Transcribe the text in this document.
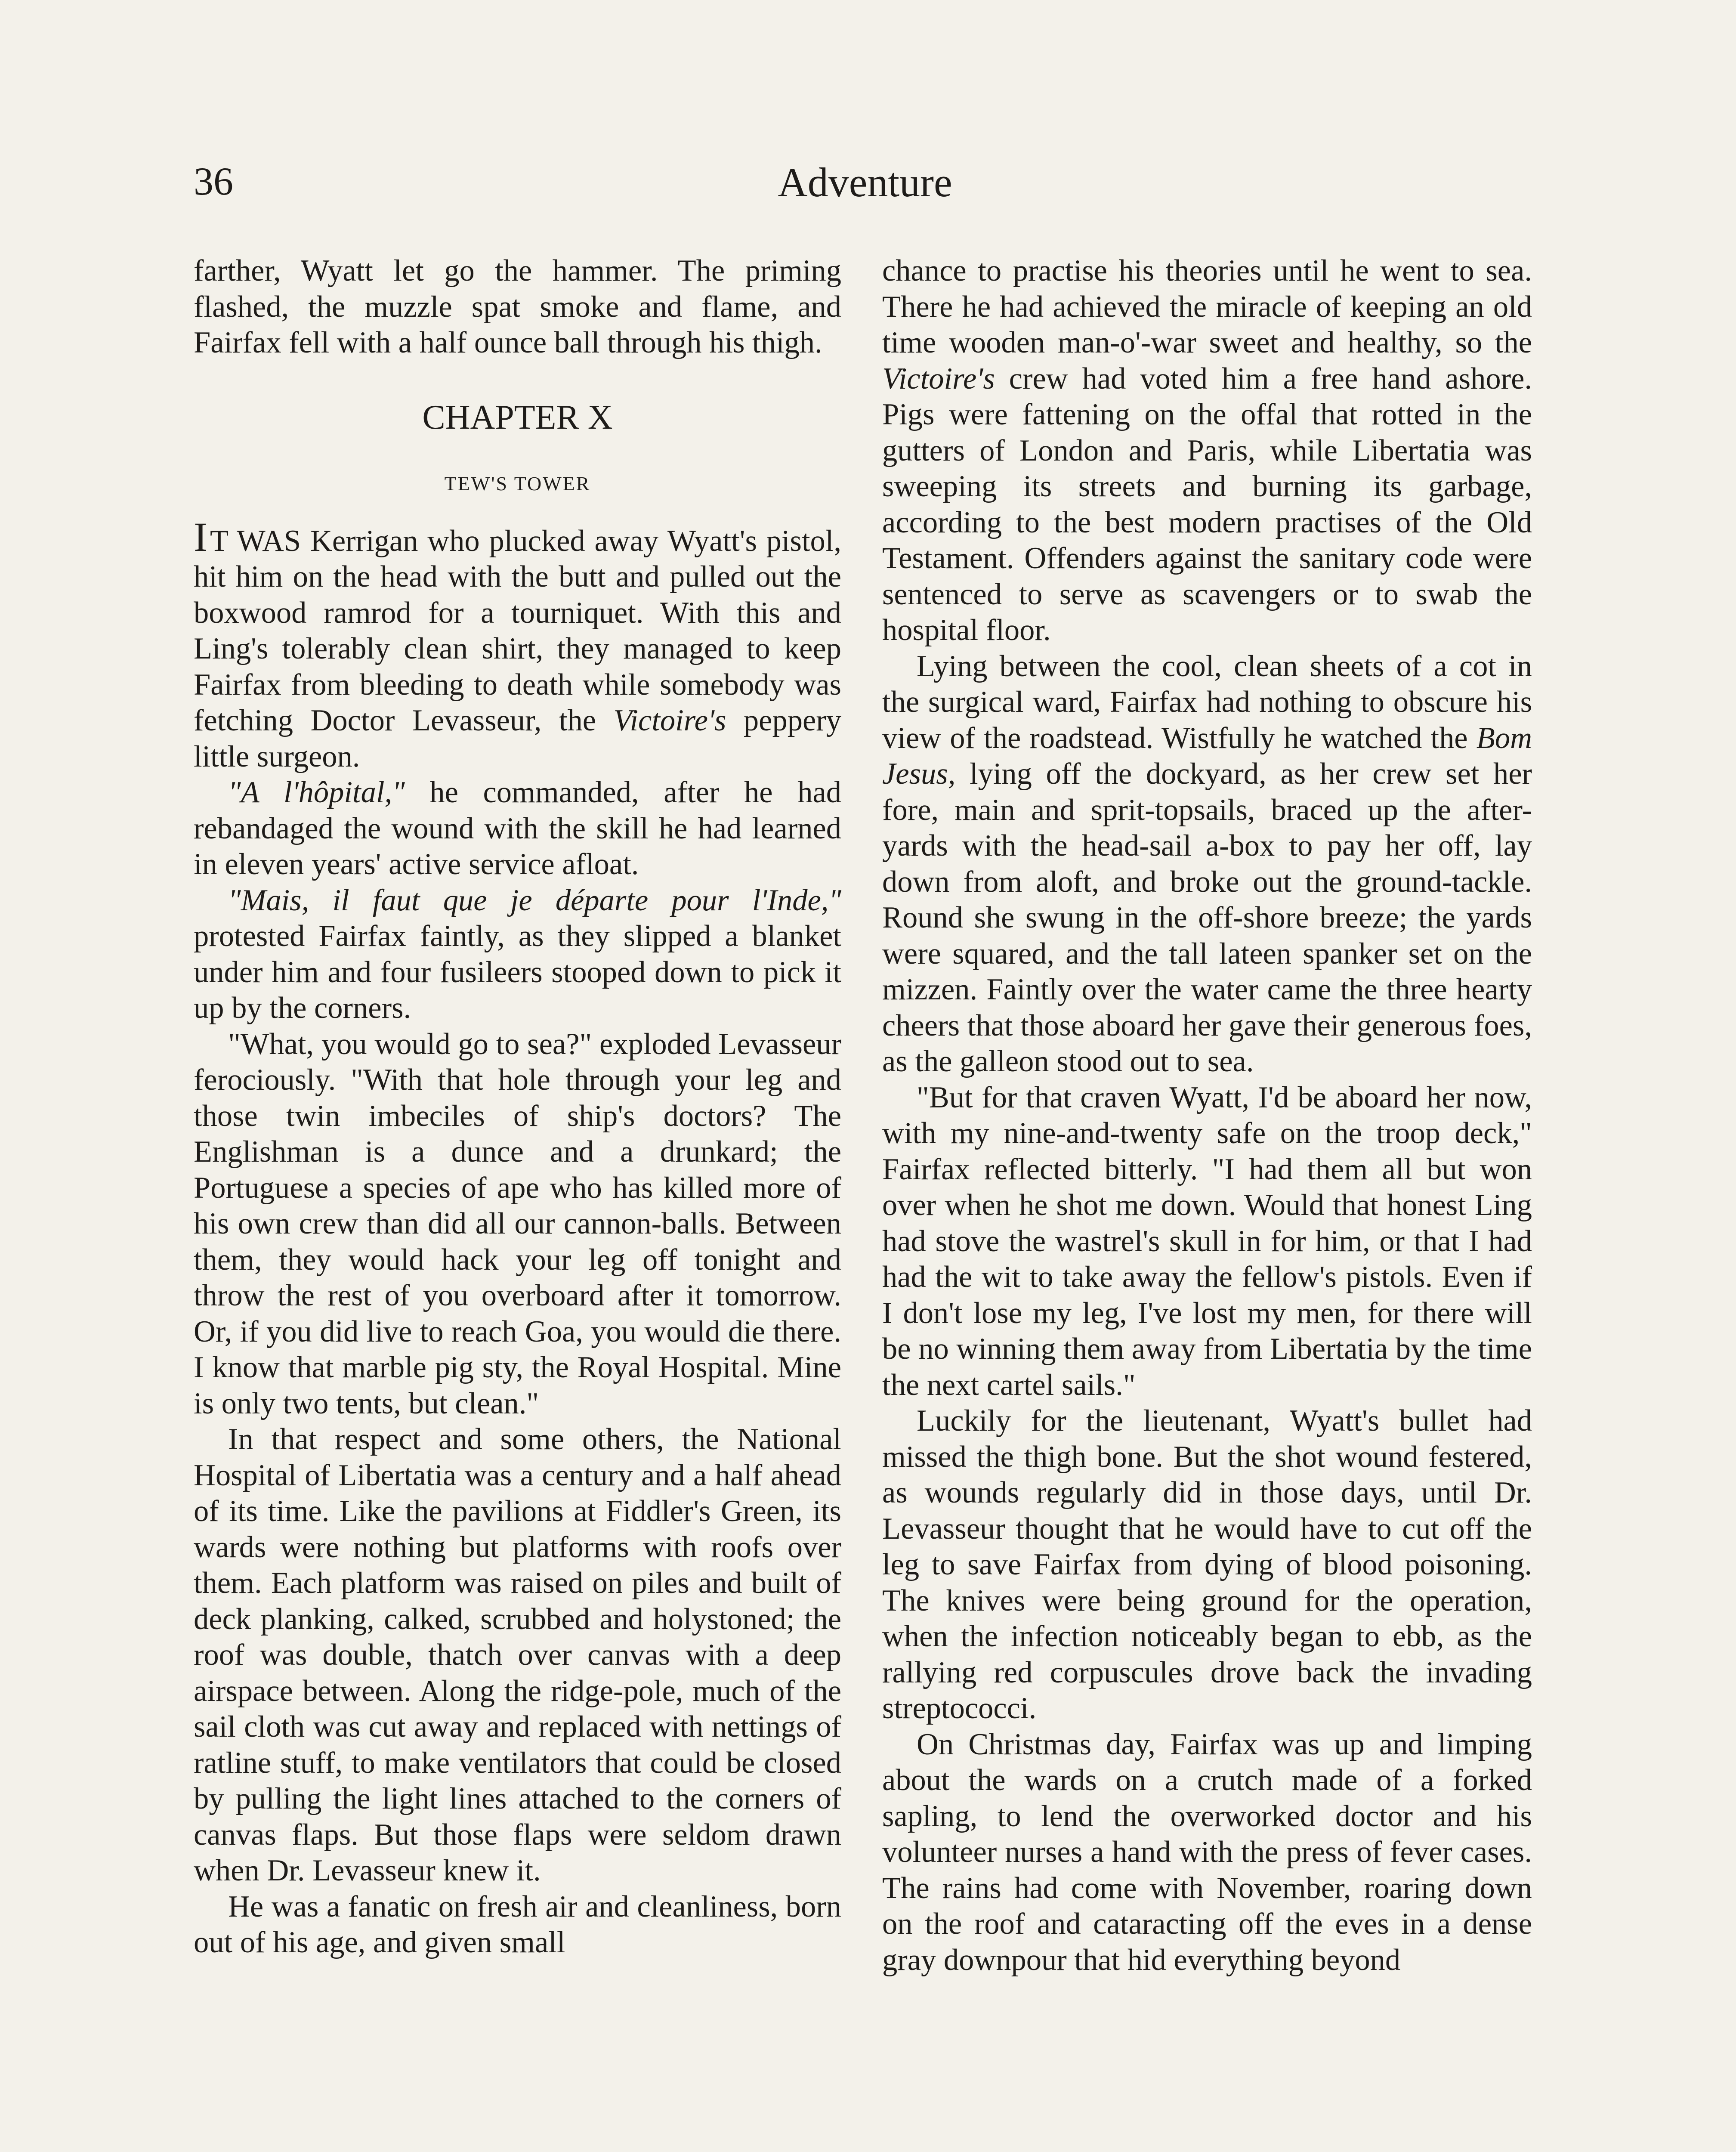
36	Adventure

farther, Wyatt let go the hammer. The priming flashed, the muzzle spat smoke and flame, and Fairfax fell with a half ounce ball through his thigh.

CHAPTER X
TEW'S TOWER

IT WAS Kerrigan who plucked away Wyatt's pistol, hit him on the head with the butt and pulled out the boxwood ramrod for a tourniquet. With this and Ling's tolerably clean shirt, they managed to keep Fairfax from bleeding to death while somebody was fetching Doctor Levasseur, the Victoire's peppery little surgeon.

"A l'hôpital," he commanded, after he had rebandaged the wound with the skill he had learned in eleven years' active service afloat.

"Mais, il faut que je départe pour l'Inde," protested Fairfax faintly, as they slipped a blanket under him and four fusileers stooped down to pick it up by the corners.

"What, you would go to sea?" exploded Levasseur ferociously. "With that hole through your leg and those twin imbeciles of ship's doctors? The Englishman is a dunce and a drunkard; the Portuguese a species of ape who has killed more of his own crew than did all our cannon-balls. Between them, they would hack your leg off tonight and throw the rest of you overboard after it tomorrow. Or, if you did live to reach Goa, you would die there. I know that marble pig sty, the Royal Hospital. Mine is only two tents, but clean."

In that respect and some others, the National Hospital of Libertatia was a century and a half ahead of its time. Like the pavilions at Fiddler's Green, its wards were nothing but platforms with roofs over them. Each platform was raised on piles and built of deck planking, calked, scrubbed and holystoned; the roof was double, thatch over canvas with a deep airspace between. Along the ridge-pole, much of the sail cloth was cut away and replaced with nettings of ratline stuff, to make ventilators that could be closed by pulling the light lines attached to the corners of canvas flaps. But those flaps were seldom drawn when Dr. Levasseur knew it.

He was a fanatic on fresh air and cleanliness, born out of his age, and given small

chance to practise his theories until he went to sea. There he had achieved the miracle of keeping an old time wooden man-o'-war sweet and healthy, so the Victoire's crew had voted him a free hand ashore. Pigs were fattening on the offal that rotted in the gutters of London and Paris, while Libertatia was sweeping its streets and burning its garbage, according to the best modern practises of the Old Testament. Offenders against the sanitary code were sentenced to serve as scavengers or to swab the hospital floor.

Lying between the cool, clean sheets of a cot in the surgical ward, Fairfax had nothing to obscure his view of the roadstead. Wistfully he watched the Bom Jesus, lying off the dockyard, as her crew set her fore, main and sprit-topsails, braced up the after-yards with the head-sail a-box to pay her off, lay down from aloft, and broke out the ground-tackle. Round she swung in the off-shore breeze; the yards were squared, and the tall lateen spanker set on the mizzen. Faintly over the water came the three hearty cheers that those aboard her gave their generous foes, as the galleon stood out to sea.

"But for that craven Wyatt, I'd be aboard her now, with my nine-and-twenty safe on the troop deck," Fairfax reflected bitterly. "I had them all but won over when he shot me down. Would that honest Ling had stove the wastrel's skull in for him, or that I had had the wit to take away the fellow's pistols. Even if I don't lose my leg, I've lost my men, for there will be no winning them away from Libertatia by the time the next cartel sails."

Luckily for the lieutenant, Wyatt's bullet had missed the thigh bone. But the shot wound festered, as wounds regularly did in those days, until Dr. Levasseur thought that he would have to cut off the leg to save Fairfax from dying of blood poisoning. The knives were being ground for the operation, when the infection noticeably began to ebb, as the rallying red corpuscules drove back the invading streptococci.

On Christmas day, Fairfax was up and limping about the wards on a crutch made of a forked sapling, to lend the overworked doctor and his volunteer nurses a hand with the press of fever cases. The rains had come with November, roaring down on the roof and cataracting off the eves in a dense gray downpour that hid everything beyond
